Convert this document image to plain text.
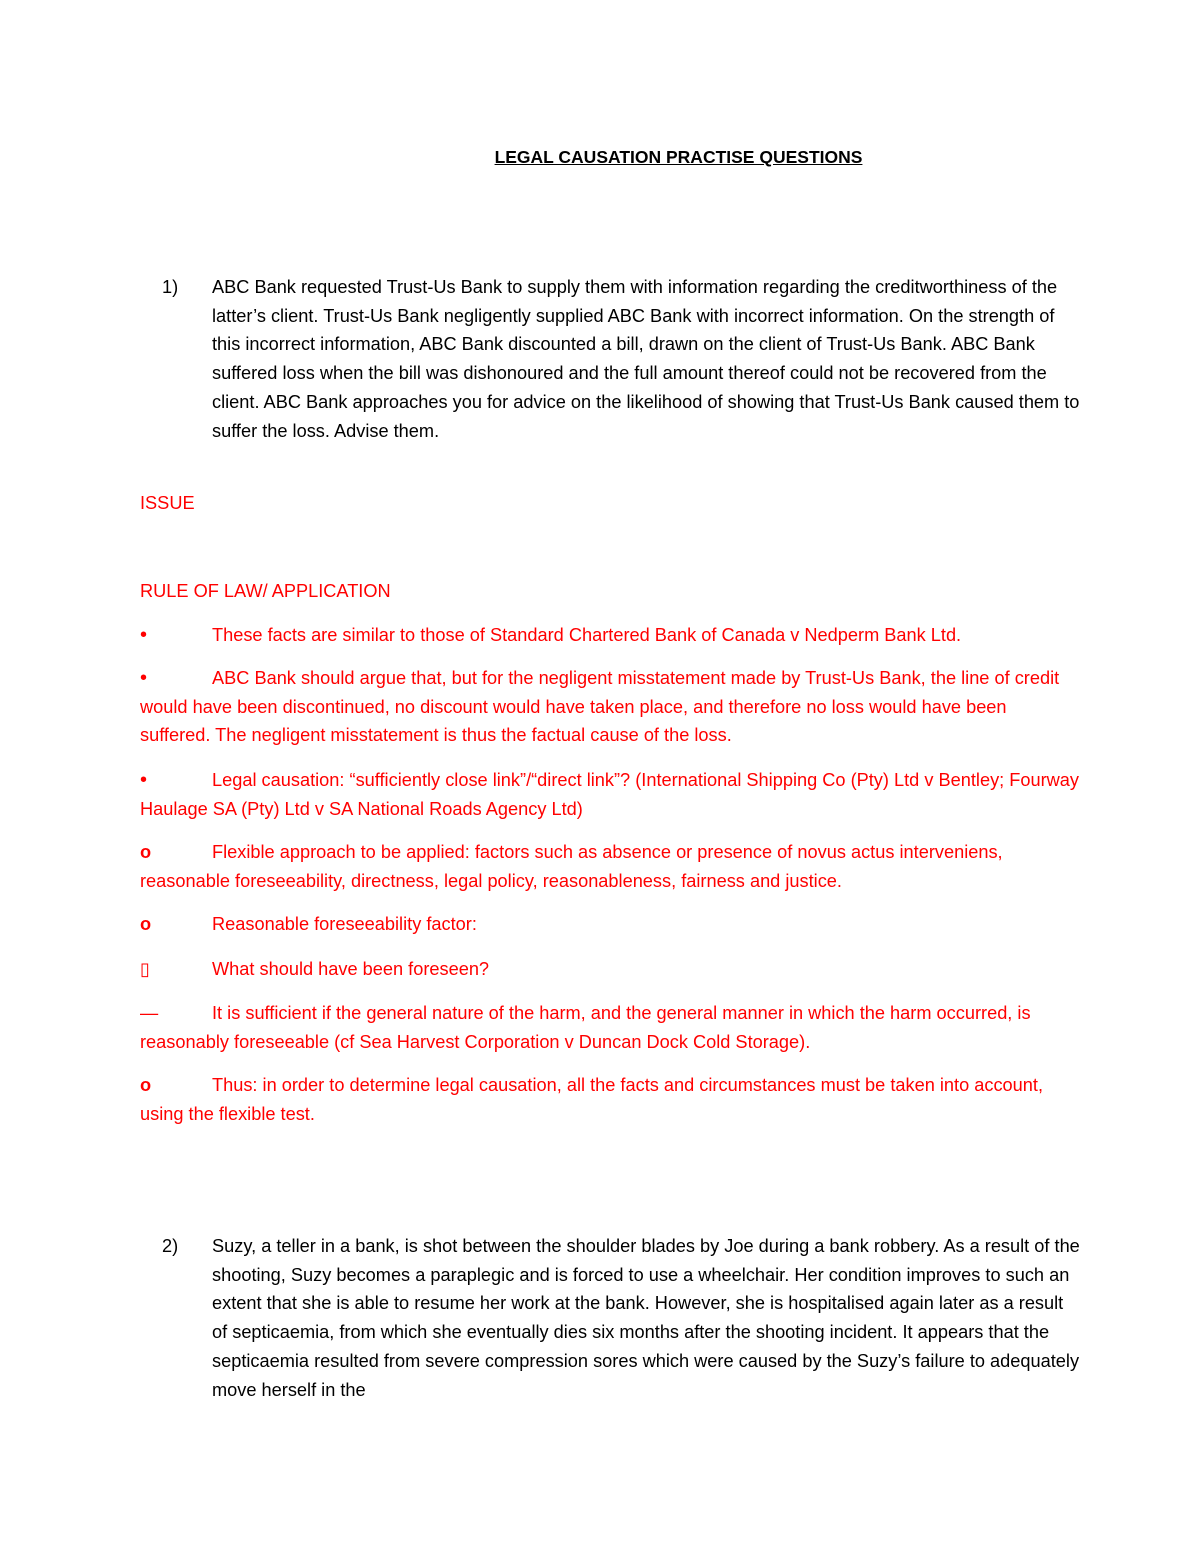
LEGAL CAUSATION PRACTISE QUESTIONS
1) ABC Bank requested Trust-Us Bank to supply them with information regarding the creditworthiness of the latter’s client. Trust-Us Bank negligently supplied ABC Bank with incorrect information. On the strength of this incorrect information, ABC Bank discounted a bill, drawn on the client of Trust-Us Bank. ABC Bank suffered loss when the bill was dishonoured and the full amount thereof could not be recovered from the client. ABC Bank approaches you for advice on the likelihood of showing that Trust-Us Bank caused them to suffer the loss. Advise them.
ISSUE
RULE OF LAW/ APPLICATION
•	These facts are similar to those of Standard Chartered Bank of Canada v Nedperm Bank Ltd.
•	ABC Bank should argue that, but for the negligent misstatement made by Trust-Us Bank, the line of credit would have been discontinued, no discount would have taken place, and therefore no loss would have been suffered. The negligent misstatement is thus the factual cause of the loss.
•	Legal causation: “sufficiently close link”/“direct link”? (International Shipping Co (Pty) Ltd v Bentley; Fourway Haulage SA (Pty) Ltd v SA National Roads Agency Ltd)
o	Flexible approach to be applied: factors such as absence or presence of novus actus interveniens, reasonable foreseeability, directness, legal policy, reasonableness, fairness and justice.
o	Reasonable foreseeability factor:
▯	What should have been foreseen?
—	It is sufficient if the general nature of the harm, and the general manner in which the harm occurred, is reasonably foreseeable (cf Sea Harvest Corporation v Duncan Dock Cold Storage).
o	Thus: in order to determine legal causation, all the facts and circumstances must be taken into account, using the flexible test.
2) Suzy, a teller in a bank, is shot between the shoulder blades by Joe during a bank robbery. As a result of the shooting, Suzy becomes a paraplegic and is forced to use a wheelchair. Her condition improves to such an extent that she is able to resume her work at the bank. However, she is hospitalised again later as a result of septicaemia, from which she eventually dies six months after the shooting incident. It appears that the septicaemia resulted from severe compression sores which were caused by the Suzy’s failure to adequately move herself in the
